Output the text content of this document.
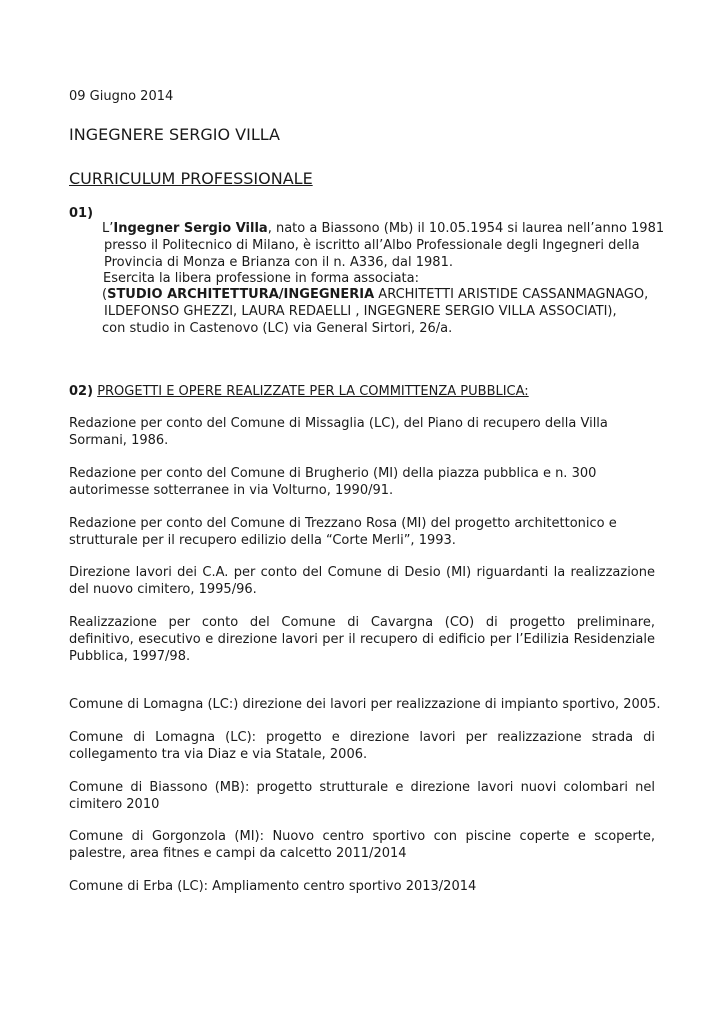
09 Giugno 2014
INGEGNERE SERGIO VILLA
CURRICULUM PROFESSIONALE
01)
L’Ingegner Sergio Villa, nato a Biassono (Mb) il 10.05.1954 si laurea nell’anno 1981
presso il Politecnico di Milano, è iscritto all’Albo Professionale degli Ingegneri della
Provincia di Monza e Brianza con il n. A336, dal 1981.
Esercita la libera professione in forma associata:
(STUDIO ARCHITETTURA/INGEGNERIA ARCHITETTI ARISTIDE CASSANMAGNAGO,
ILDEFONSO GHEZZI, LAURA REDAELLI , INGEGNERE SERGIO VILLA ASSOCIATI),
con studio in Castenovo (LC) via General Sirtori, 26/a.
02) PROGETTI E OPERE REALIZZATE PER LA COMMITTENZA PUBBLICA:
Redazione per conto del Comune di Missaglia (LC), del Piano di recupero della Villa
Sormani, 1986.
Redazione per conto del Comune di Brugherio (MI) della piazza pubblica e n. 300
autorimesse sotterranee in via Volturno, 1990/91.
Redazione per conto del Comune di Trezzano Rosa (MI) del progetto architettonico e
strutturale per il recupero edilizio della “Corte Merli”, 1993.
Direzione lavori dei C.A. per conto del Comune di Desio (MI) riguardanti la realizzazione
del nuovo cimitero, 1995/96.
Realizzazione per conto del Comune di Cavargna (CO) di progetto preliminare,
definitivo, esecutivo e direzione lavori per il recupero di edificio per l’Edilizia Residenziale
Pubblica, 1997/98.
Comune di Lomagna (LC:) direzione dei lavori per realizzazione di impianto sportivo, 2005.
Comune di Lomagna (LC): progetto e direzione lavori per realizzazione strada di
collegamento tra via Diaz e via Statale, 2006.
Comune di Biassono (MB): progetto strutturale e direzione lavori nuovi colombari nel
cimitero 2010
Comune di Gorgonzola (MI): Nuovo centro sportivo con piscine coperte e scoperte,
palestre, area fitnes e campi da calcetto 2011/2014
Comune di Erba (LC): Ampliamento centro sportivo 2013/2014
